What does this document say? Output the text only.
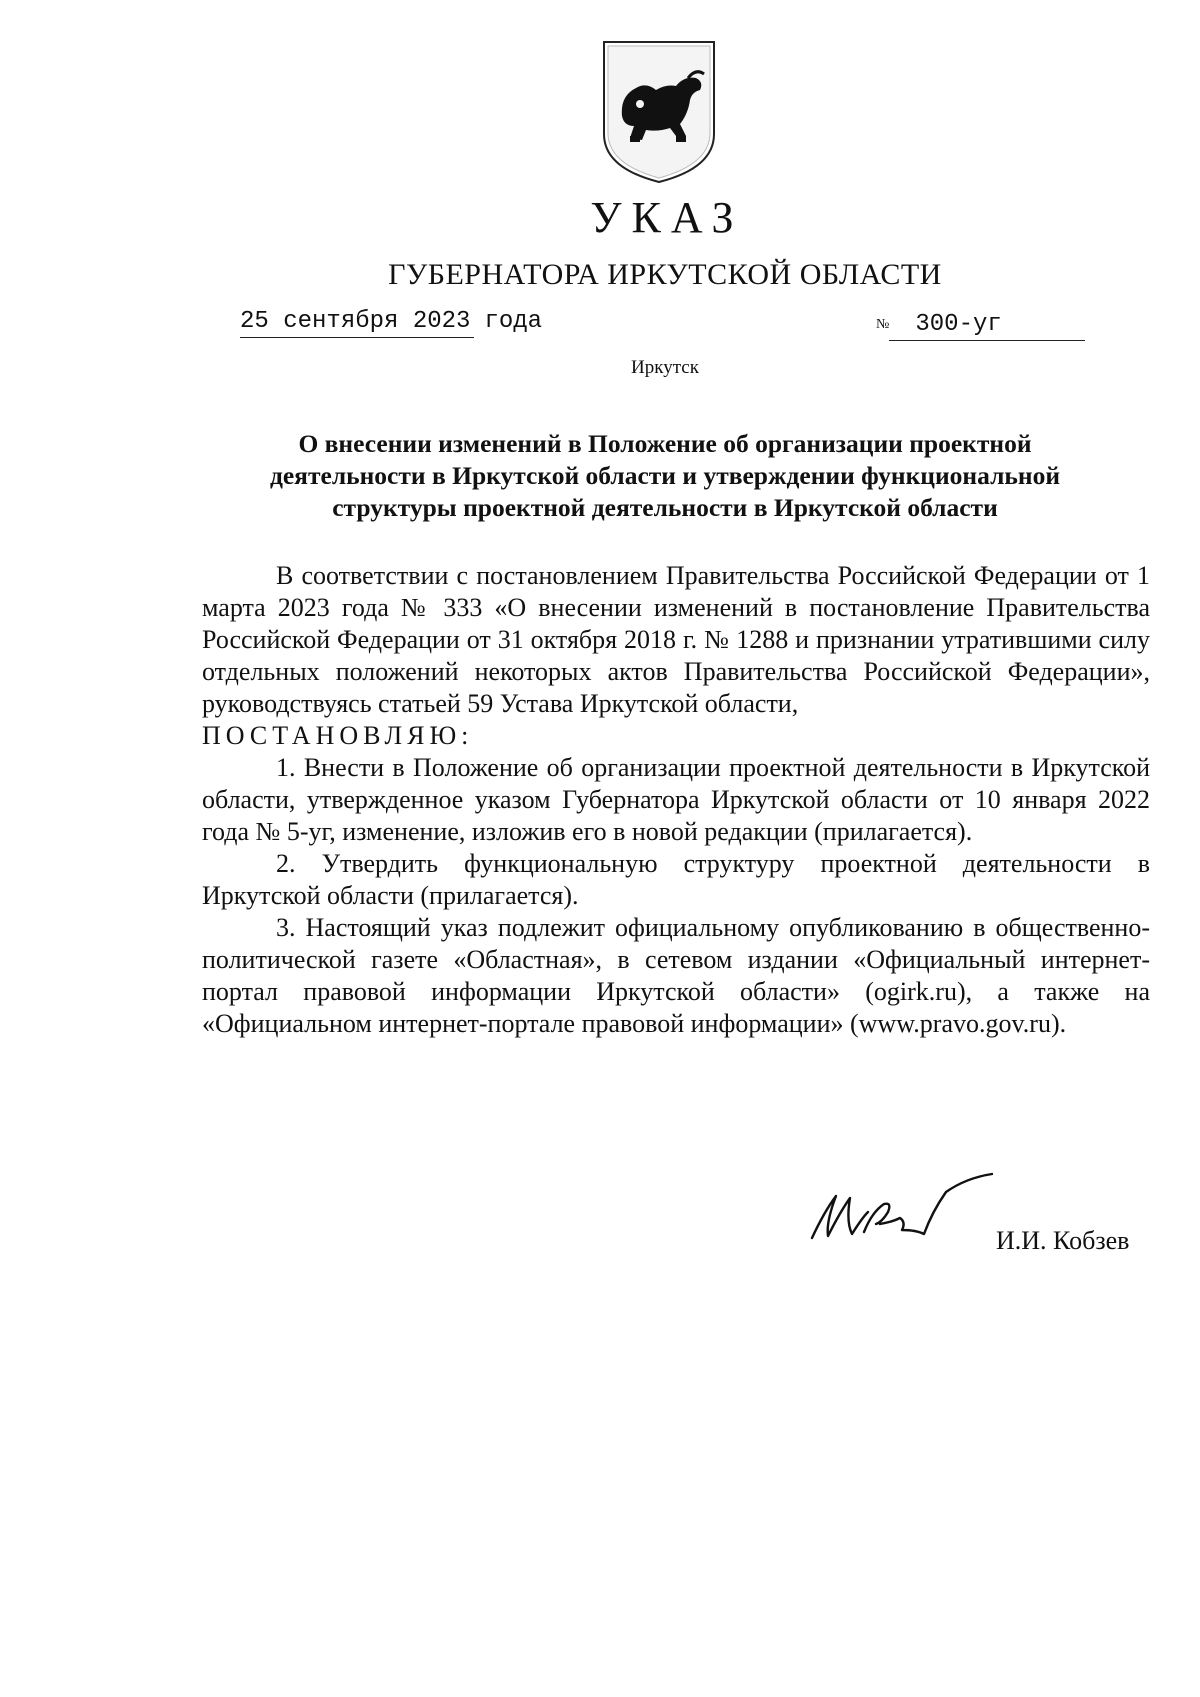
УКАЗ
ГУБЕРНАТОРА ИРКУТСКОЙ ОБЛАСТИ
25 сентября 2023 года	№ 300-уг
Иркутск
О внесении изменений в Положение об организации проектной
деятельности в Иркутской области и утверждении функциональной
структуры проектной деятельности в Иркутской области

В соответствии с постановлением Правительства Российской Федерации от 1 марта 2023 года № 333 «О внесении изменений в постановление Правительства Российской Федерации от 31 октября 2018 г. № 1288 и признании утратившими силу отдельных положений некоторых актов Правительства Российской Федерации», руководствуясь статьей 59 Устава Иркутской области,

ПОСТАНОВЛЯЮ:

1. Внести в Положение об организации проектной деятельности в Иркутской области, утвержденное указом Губернатора Иркутской области от 10 января 2022 года № 5-уг, изменение, изложив его в новой редакции (прилагается).

2. Утвердить функциональную структуру проектной деятельности в Иркутской области (прилагается).

3. Настоящий указ подлежит официальному опубликованию в общественно-политической газете «Областная», в сетевом издании «Официальный интернет-портал правовой информации Иркутской области» (ogirk.ru), а также на «Официальном интернет-портале правовой информации» (www.pravo.gov.ru).

И.И. Кобзев
